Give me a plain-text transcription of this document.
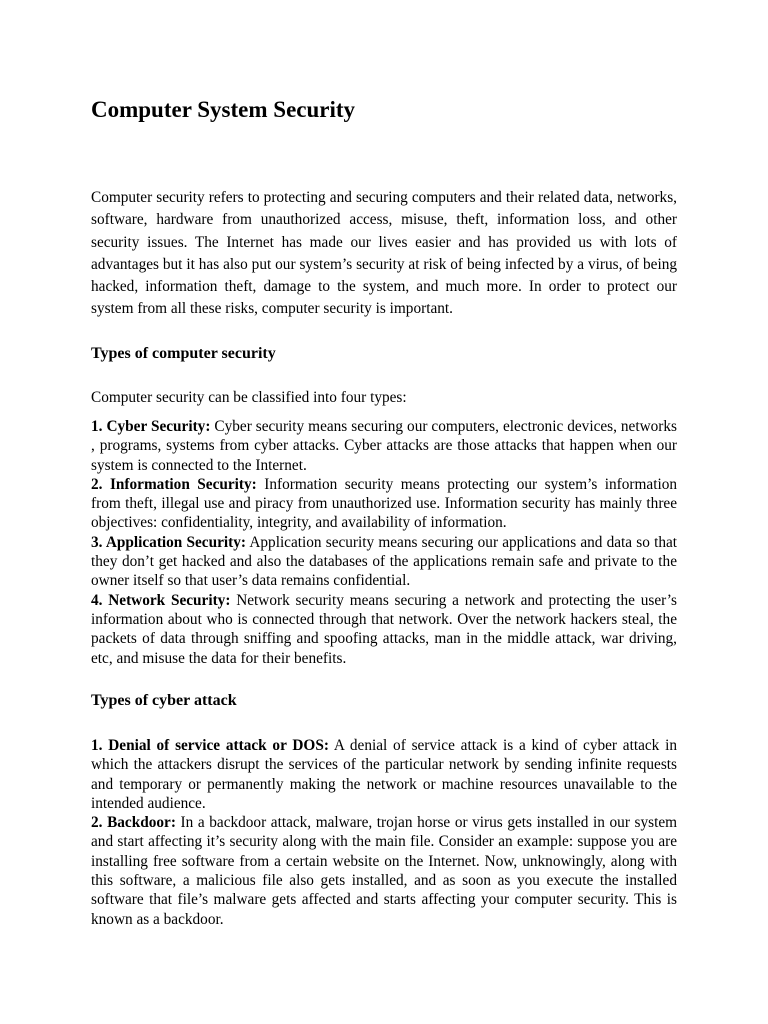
Computer System Security

Computer security refers to protecting and securing computers and their related data, networks, software, hardware from unauthorized access, misuse, theft, information loss, and other security issues. The Internet has made our lives easier and has provided us with lots of advantages but it has also put our system’s security at risk of being infected by a virus, of being hacked, information theft, damage to the system, and much more. In order to protect our system from all these risks, computer security is important.

Types of computer security

Computer security can be classified into four types:

1. Cyber Security: Cyber security means securing our computers, electronic devices, networks , programs, systems from cyber attacks. Cyber attacks are those attacks that happen when our system is connected to the Internet.

2. Information Security: Information security means protecting our system’s information from theft, illegal use and piracy from unauthorized use. Information security has mainly three objectives: confidentiality, integrity, and availability of information.

3. Application Security: Application security means securing our applications and data so that they don’t get hacked and also the databases of the applications remain safe and private to the owner itself so that user’s data remains confidential.

4. Network Security: Network security means securing a network and protecting the user’s information about who is connected through that network. Over the network hackers steal, the packets of data through sniffing and spoofing attacks, man in the middle attack, war driving, etc, and misuse the data for their benefits.

Types of cyber attack

1. Denial of service attack or DOS: A denial of service attack is a kind of cyber attack in which the attackers disrupt the services of the particular network by sending infinite requests and temporary or permanently making the network or machine resources unavailable to the intended audience.

2. Backdoor: In a backdoor attack, malware, trojan horse or virus gets installed in our system and start affecting it’s security along with the main file. Consider an example: suppose you are installing free software from a certain website on the Internet. Now, unknowingly, along with this software, a malicious file also gets installed, and as soon as you execute the installed software that file’s malware gets affected and starts affecting your computer security. This is known as a backdoor.
